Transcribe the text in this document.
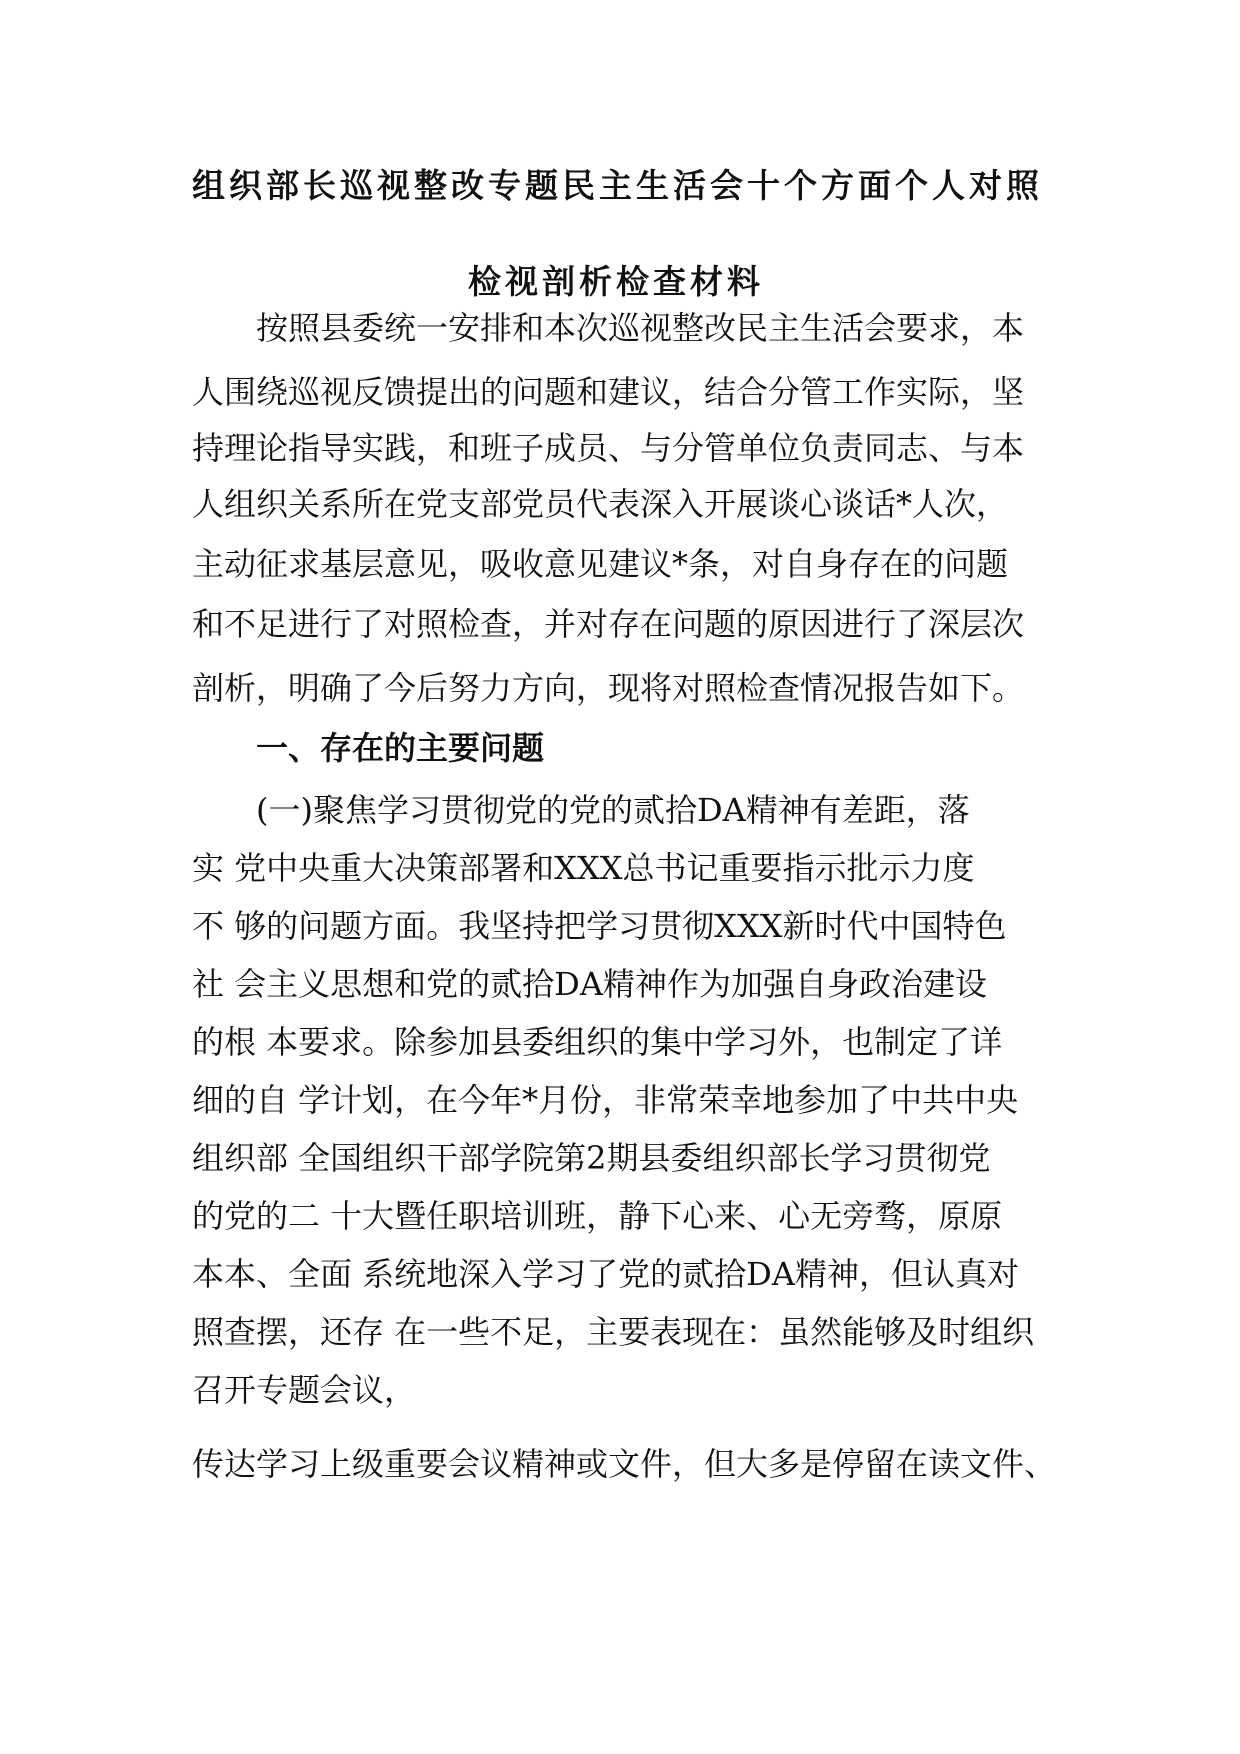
组织部长巡视整改专题民主生活会十个方面个人对照
检视剖析检查材料
按照县委统一安排和本次巡视整改民主生活会要求，本
人围绕巡视反馈提出的问题和建议，结合分管工作实际，坚
持理论指导实践，和班子成员、与分管单位负责同志、与本
人组织关系所在党支部党员代表深入开展谈心谈话*人次，
主动征求基层意见，吸收意见建议*条，对自身存在的问题
和不足进行了对照检查，并对存在问题的原因进行了深层次
剖析，明确了今后努力方向，现将对照检查情况报告如下。
一、存在的主要问题
(一)聚焦学习贯彻党的党的贰拾DA精神有差距，落
实 党中央重大决策部署和XXX总书记重要指示批示力度
不 够的问题方面。我坚持把学习贯彻XXX新时代中国特色
社 会主义思想和党的贰拾DA精神作为加强自身政治建设
的根 本要求。除参加县委组织的集中学习外，也制定了详
细的自 学计划，在今年*月份，非常荣幸地参加了中共中央
组织部 全国组织干部学院第2期县委组织部长学习贯彻党
的党的二 十大暨任职培训班，静下心来、心无旁骛，原原
本本、全面 系统地深入学习了党的贰拾DA精神，但认真对
照查摆，还存 在一些不足，主要表现在：虽然能够及时组织
召开专题会议，
传达学习上级重要会议精神或文件，但大多是停留在读文件、
